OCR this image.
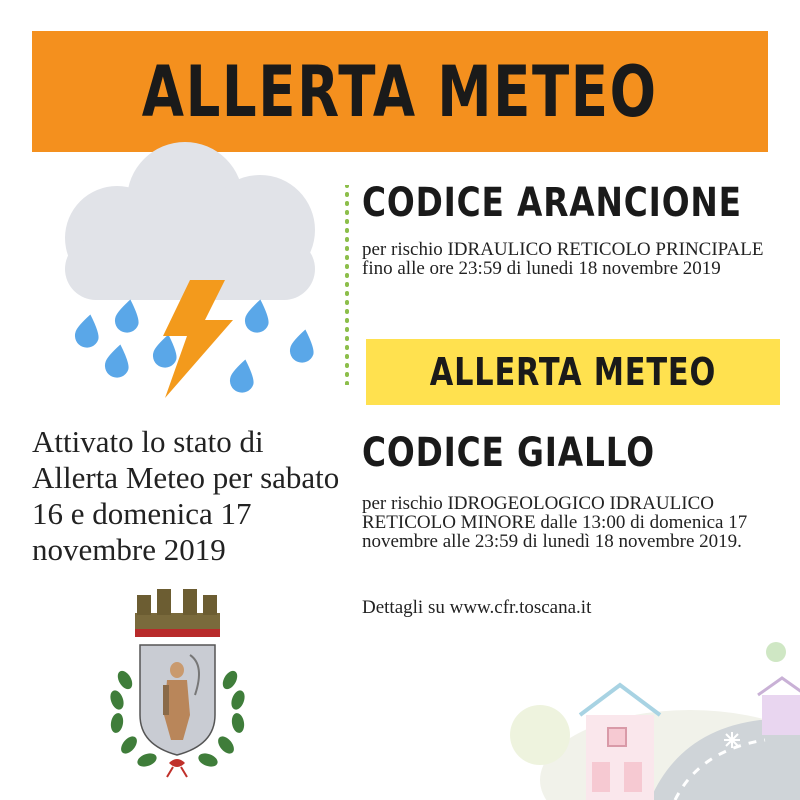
ALLERTA METEO
CODICE ARANCIONE
per rischio IDRAULICO RETICOLO PRINCIPALE fino alle ore 23:59 di lunedi 18 novembre 2019
ALLERTA METEO
CODICE GIALLO
per rischio IDROGEOLOGICO IDRAULICO RETICOLO MINORE dalle 13:00 di domenica 17 novembre alle 23:59 di lunedì 18 novembre 2019.
Dettagli su www.cfr.toscana.it
Attivato lo stato di Allerta Meteo per sabato 16 e domenica 17 novembre 2019
